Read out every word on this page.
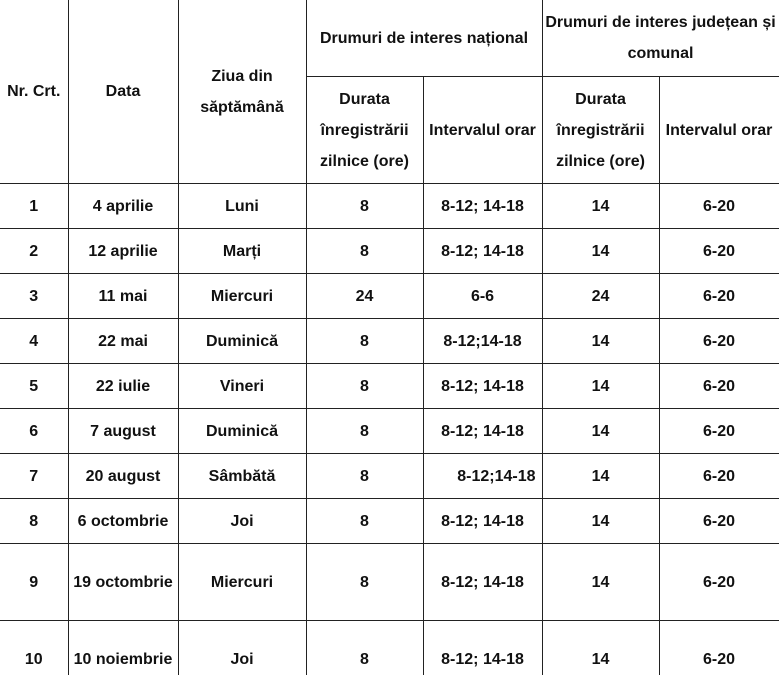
Nr. Crt.	Data	Ziua din săptămână	Drumuri de interes național		Drumuri de interes județean și comunal	
			Durata înregistrării zilnice (ore)	Intervalul orar	Durata înregistrării zilnice (ore)	Intervalul orar
1	4 aprilie	Luni	8	8-12; 14-18	14	6-20
2	12 aprilie	Marți	8	8-12; 14-18	14	6-20
3	11 mai	Miercuri	24	6-6	24	6-20
4	22 mai	Duminică	8	8-12;14-18	14	6-20
5	22 iulie	Vineri	8	8-12; 14-18	14	6-20
6	7 august	Duminică	8	8-12; 14-18	14	6-20
7	20 august	Sâmbătă	8	8-12;14-18	14	6-20
8	6 octombrie	Joi	8	8-12; 14-18	14	6-20
9	19 octombrie	Miercuri	8	8-12; 14-18	14	6-20
10	10 noiembrie	Joi	8	8-12; 14-18	14	6-20
